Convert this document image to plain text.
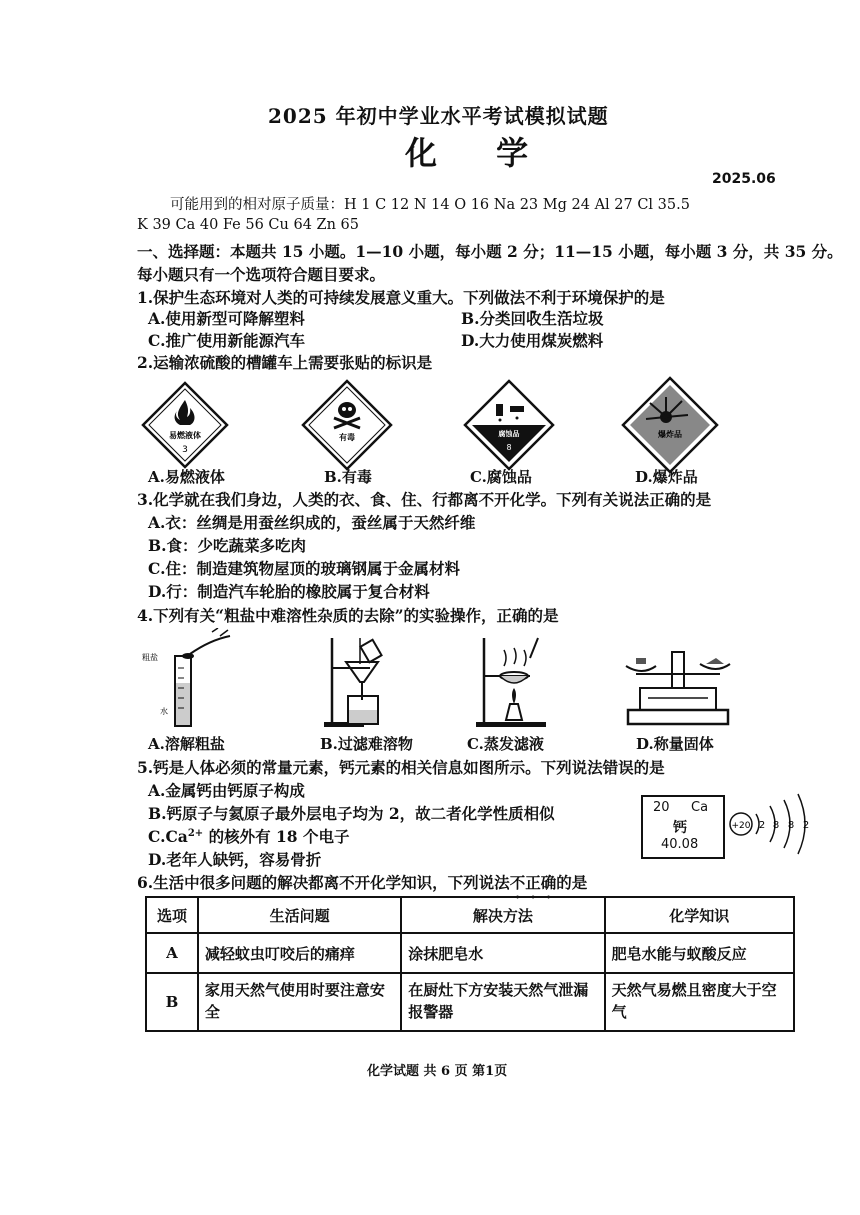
2025 年初中学业水平考试模拟试题
化 学
2025.06
可能用到的相对原子质量：H 1 C 12 N 14 O 16 Na 23 Mg 24 Al 27 Cl 35.5
K 39 Ca 40 Fe 56 Cu 64 Zn 65
一、选择题：本题共 15 小题。1—10 小题，每小题 2 分；11—15 小题，每小题 3 分，共 35 分。
每小题只有一个选项符合题目要求。
1.保护生态环境对人类的可持续发展意义重大。下列做法不利于环境保护的是
A.使用新型可降解塑料	B.分类回收生活垃圾
C.推广使用新能源汽车	D.大力使用煤炭燃料
2.运输浓硫酸的槽罐车上需要张贴的标识是
易燃液体
3
有毒	腐蚀品
8
爆炸品
A.易燃液体	B.有毒	C.腐蚀品	D.爆炸品
3.化学就在我们身边，人类的衣、食、住、行都离不开化学。下列有关说法正确的是
A.衣：丝绸是用蚕丝织成的，蚕丝属于天然纤维
B.食：少吃蔬菜多吃肉
C.住：制造建筑物屋顶的玻璃钢属于金属材料
D.行：制造汽车轮胎的橡胶属于复合材料
4.下列有关“粗盐中难溶性杂质的去除”的实验操作，正确的是
粗盐
水
A.溶解粗盐	B.过滤难溶物	C.蒸发滤液	D.称量固体
5.钙是人体必须的常量元素，钙元素的相关信息如图所示。下列说法错误的是
A.金属钙由钙原子构成
B.钙原子与氦原子最外层电子均为 2，故二者化学性质相似
$C.Ca^{2+}$ 的核外有 18 个电子
D.老年人缺钙，容易骨折
20 Ca
钙
40.08
+20 2 8 8 2
6.生活中很多问题的解决都离不开化学知识，下列说法不正确的是
选项	生活问题	解决方法	化学知识
A	减轻蚊虫叮咬后的痛痒	涂抹肥皂水	肥皂水能与蚁酸反应
B	家用天然气使用时要注意安全	在厨灶下方安装天然气泄漏报警器	天然气易燃且密度大于空气
化学试题 共 6 页 第1页
